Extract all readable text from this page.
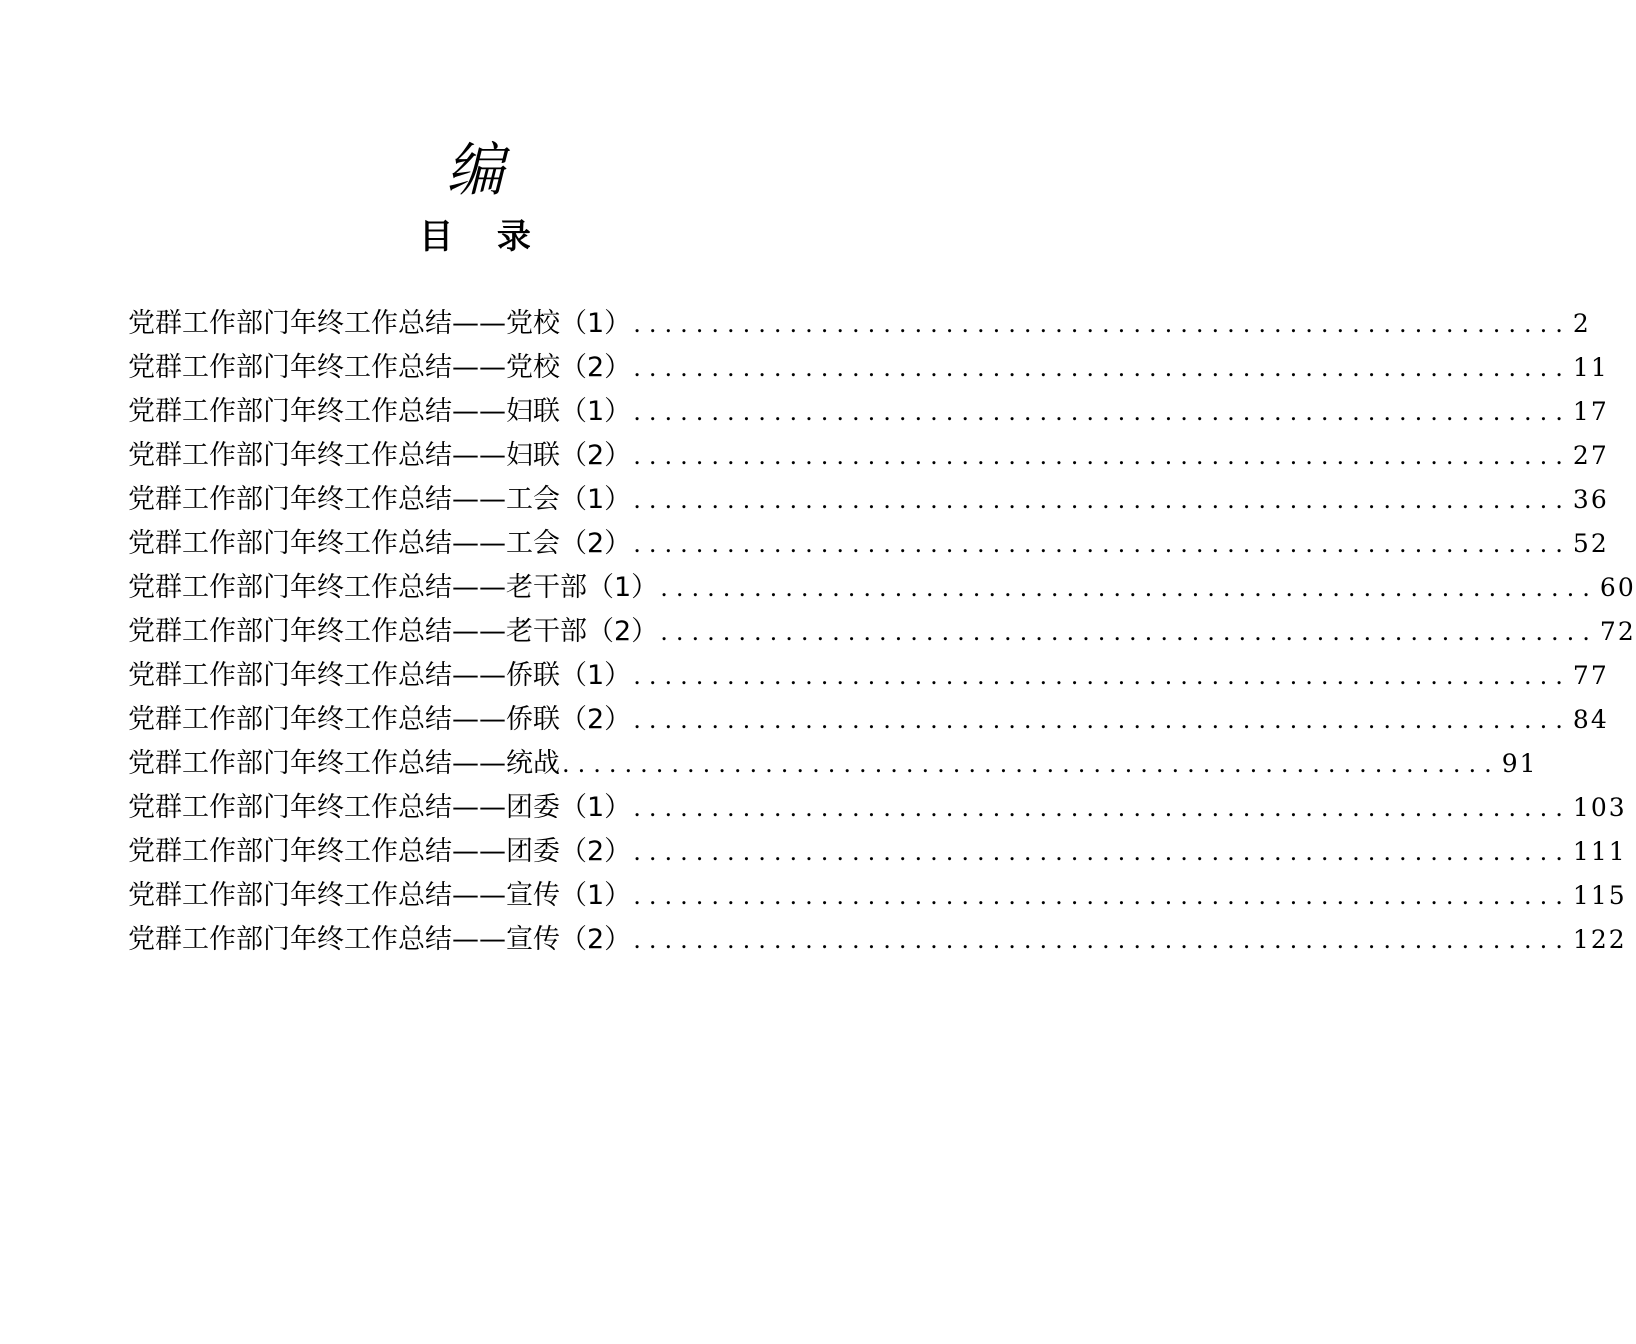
编
目 录
党群工作部门年终工作总结——党校（1） ............................................................ 2
党群工作部门年终工作总结——党校（2） ............................................................ 11
党群工作部门年终工作总结——妇联（1） ............................................................ 17
党群工作部门年终工作总结——妇联（2） ............................................................ 27
党群工作部门年终工作总结——工会（1） ............................................................ 36
党群工作部门年终工作总结——工会（2） ............................................................ 52
党群工作部门年终工作总结——老干部（1） ............................................................ 60
党群工作部门年终工作总结——老干部（2） ............................................................ 72
党群工作部门年终工作总结——侨联（1） ............................................................ 77
党群工作部门年终工作总结——侨联（2） ............................................................ 84
党群工作部门年终工作总结——统战 ............................................................ 91
党群工作部门年终工作总结——团委（1） ............................................................ 103
党群工作部门年终工作总结——团委（2） ............................................................ 111
党群工作部门年终工作总结——宣传（1） ............................................................ 115
党群工作部门年终工作总结——宣传（2） ............................................................ 122
